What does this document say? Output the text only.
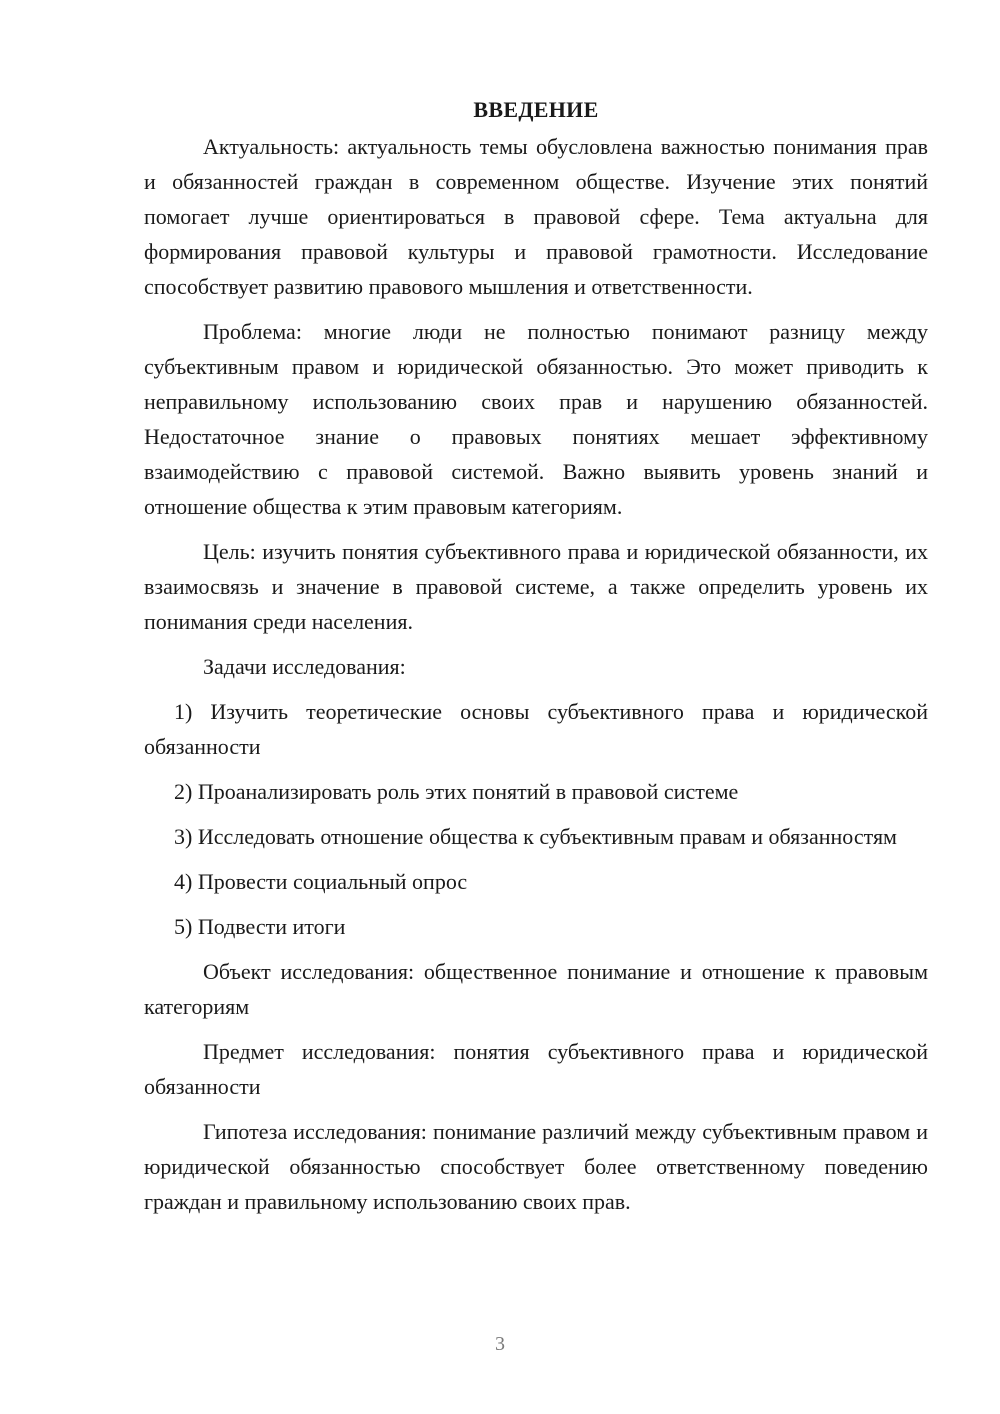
ВВЕДЕНИЕ

Актуальность: актуальность темы обусловлена важностью понимания прав и обязанностей граждан в современном обществе. Изучение этих понятий помогает лучше ориентироваться в правовой сфере. Тема актуальна для формирования правовой культуры и правовой грамотности. Исследование способствует развитию правового мышления и ответственности.

Проблема: многие люди не полностью понимают разницу между субъективным правом и юридической обязанностью. Это может приводить к неправильному использованию своих прав и нарушению обязанностей. Недостаточное знание о правовых понятиях мешает эффективному взаимодействию с правовой системой. Важно выявить уровень знаний и отношение общества к этим правовым категориям.

Цель: изучить понятия субъективного права и юридической обязанности, их взаимосвязь и значение в правовой системе, а также определить уровень их понимания среди населения.

Задачи исследования:

1) Изучить теоретические основы субъективного права и юридической обязанности

2) Проанализировать роль этих понятий в правовой системе

3) Исследовать отношение общества к субъективным правам и обязанностям

4) Провести социальный опрос

5) Подвести итоги

Объект исследования: общественное понимание и отношение к правовым категориям

Предмет исследования: понятия субъективного права и юридической обязанности

Гипотеза исследования: понимание различий между субъективным правом и юридической обязанностью способствует более ответственному поведению граждан и правильному использованию своих прав.

3
